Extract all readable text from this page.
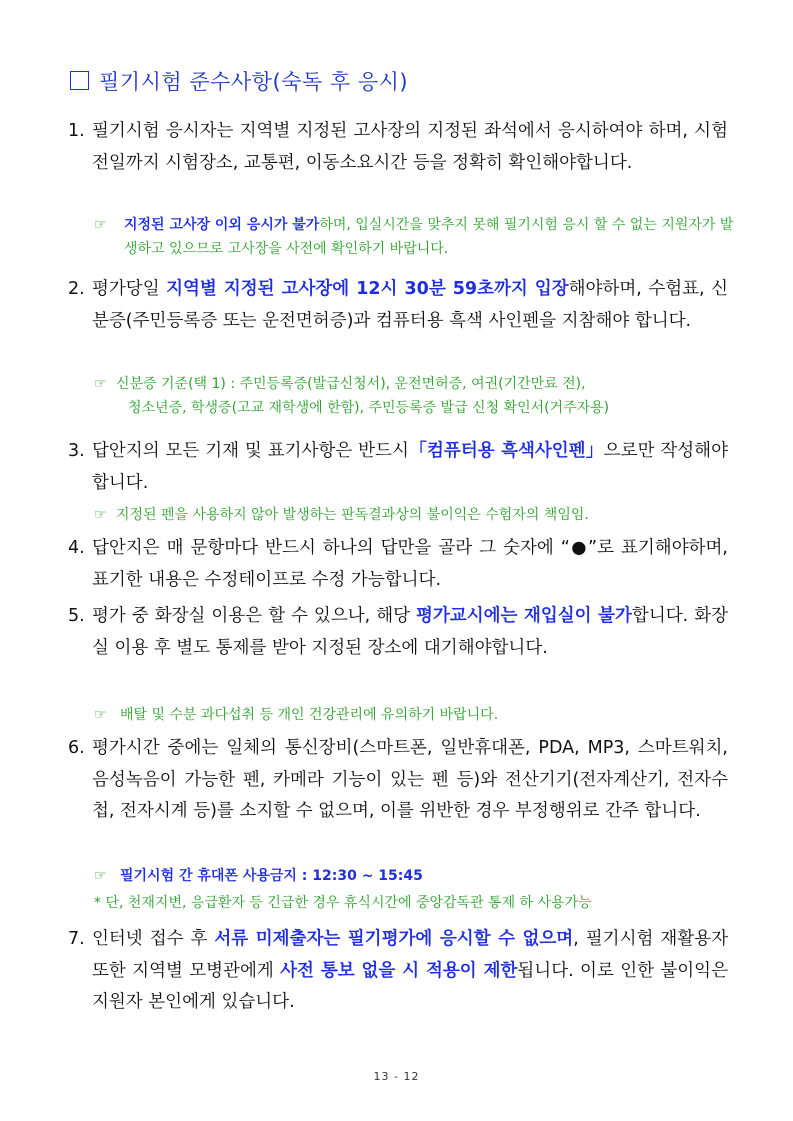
필기시험 준수사항(숙독 후 응시)
1. 필기시험 응시자는 지역별 지정된 고사장의 지정된 좌석에서 응시하여야 하며, 시험전일까지 시험장소, 교통편, 이동소요시간 등을 정확히 확인해야합니다.
☞ 지정된 고사장 이외 응시가 불가하며, 입실시간을 맞추지 못해 필기시험 응시 할 수 없는 지원자가 발생하고 있으므로 고사장을 사전에 확인하기 바랍니다.
2. 평가당일 지역별 지정된 고사장에 12시 30분 59초까지 입장해야하며, 수험표, 신분증(주민등록증 또는 운전면허증)과 컴퓨터용 흑색 사인펜을 지참해야 합니다.
☞ 신분증 기준(택 1) : 주민등록증(발급신청서), 운전면허증, 여권(기간만료 전),
청소년증, 학생증(고교 재학생에 한함), 주민등록증 발급 신청 확인서(거주자용)
3. 답안지의 모든 기재 및 표기사항은 반드시「컴퓨터용 흑색사인펜」으로만 작성해야합니다.
☞ 지정된 펜을 사용하지 않아 발생하는 판독결과상의 불이익은 수험자의 책임임.
4. 답안지은 매 문항마다 반드시 하나의 답만을 골라 그 숫자에 “●”로 표기해야하며, 표기한 내용은 수정테이프로 수정 가능합니다.
5. 평가 중 화장실 이용은 할 수 있으나, 해당 평가교시에는 재입실이 불가합니다. 화장실 이용 후 별도 통제를 받아 지정된 장소에 대기해야합니다.
☞ 배탈 및 수분 과다섭취 등 개인 건강관리에 유의하기 바랍니다.
6. 평가시간 중에는 일체의 통신장비(스마트폰, 일반휴대폰, PDA, MP3, 스마트워치, 음성녹음이 가능한 펜, 카메라 기능이 있는 펜 등)와 전산기기(전자계산기, 전자수첩, 전자시계 등)를 소지할 수 없으며, 이를 위반한 경우 부정행위로 간주 합니다.
☞ 필기시험 간 휴대폰 사용금지 : 12:30 ~ 15:45
* 단, 천재지변, 응급환자 등 긴급한 경우 휴식시간에 중앙감독관 통제 하 사용가능
7. 인터넷 접수 후 서류 미제출자는 필기평가에 응시할 수 없으며, 필기시험 재활용자 또한 지역별 모병관에게 사전 통보 없을 시 적용이 제한됩니다. 이로 인한 불이익은 지원자 본인에게 있습니다.
13 - 12
